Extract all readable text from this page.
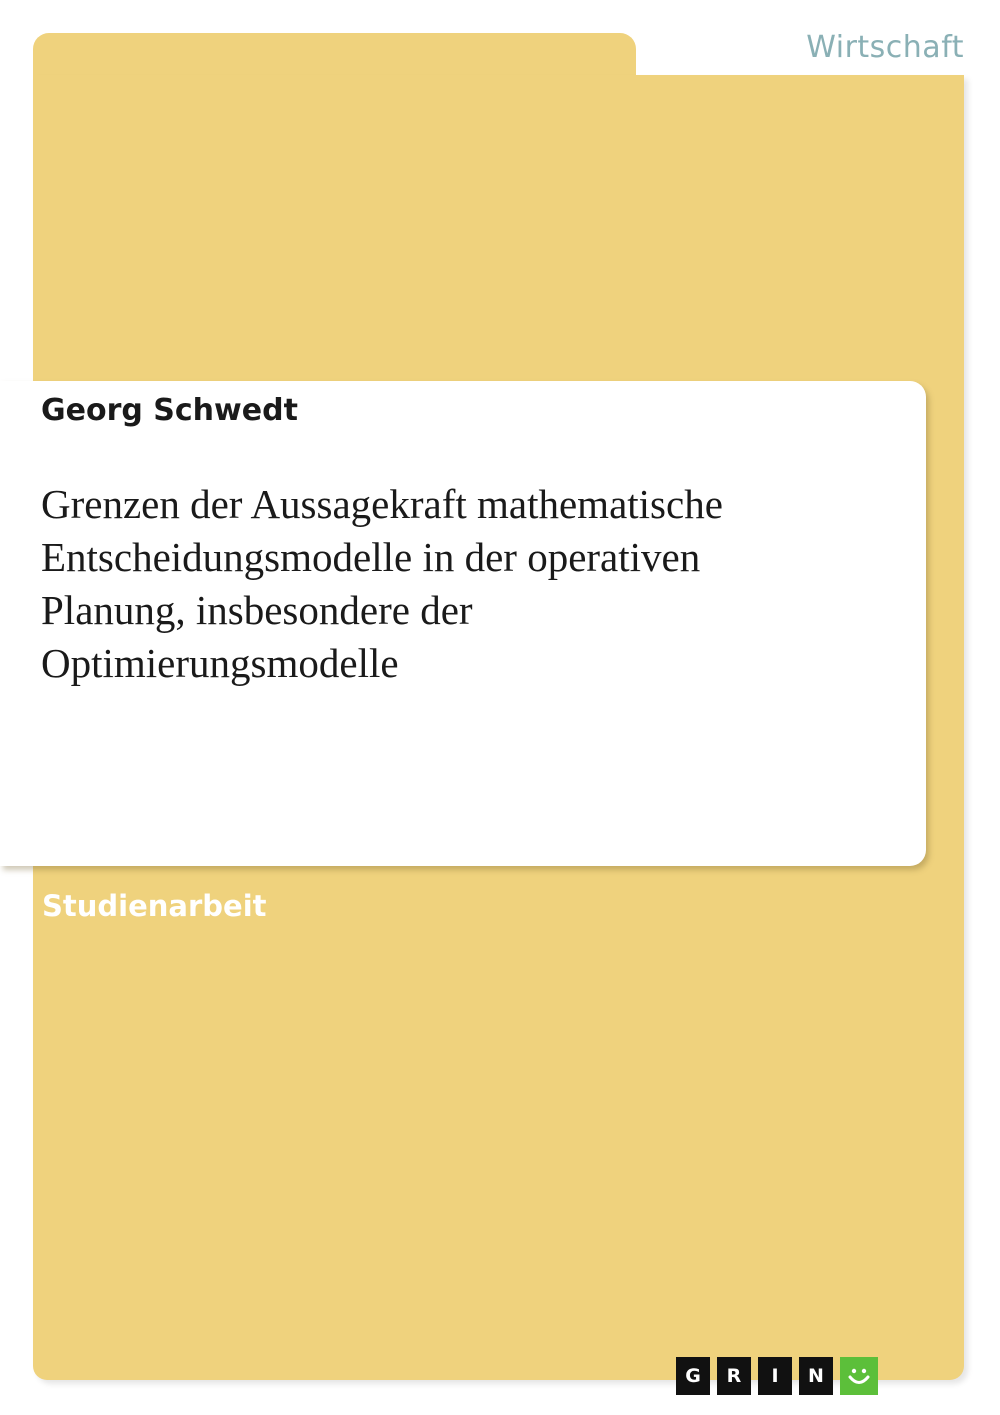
Wirtschaft
Georg Schwedt
Grenzen der Aussagekraft mathematische
Entscheidungsmodelle in der operativen
Planung, insbesondere der
Optimierungsmodelle
Studienarbeit
G	R	I	N
